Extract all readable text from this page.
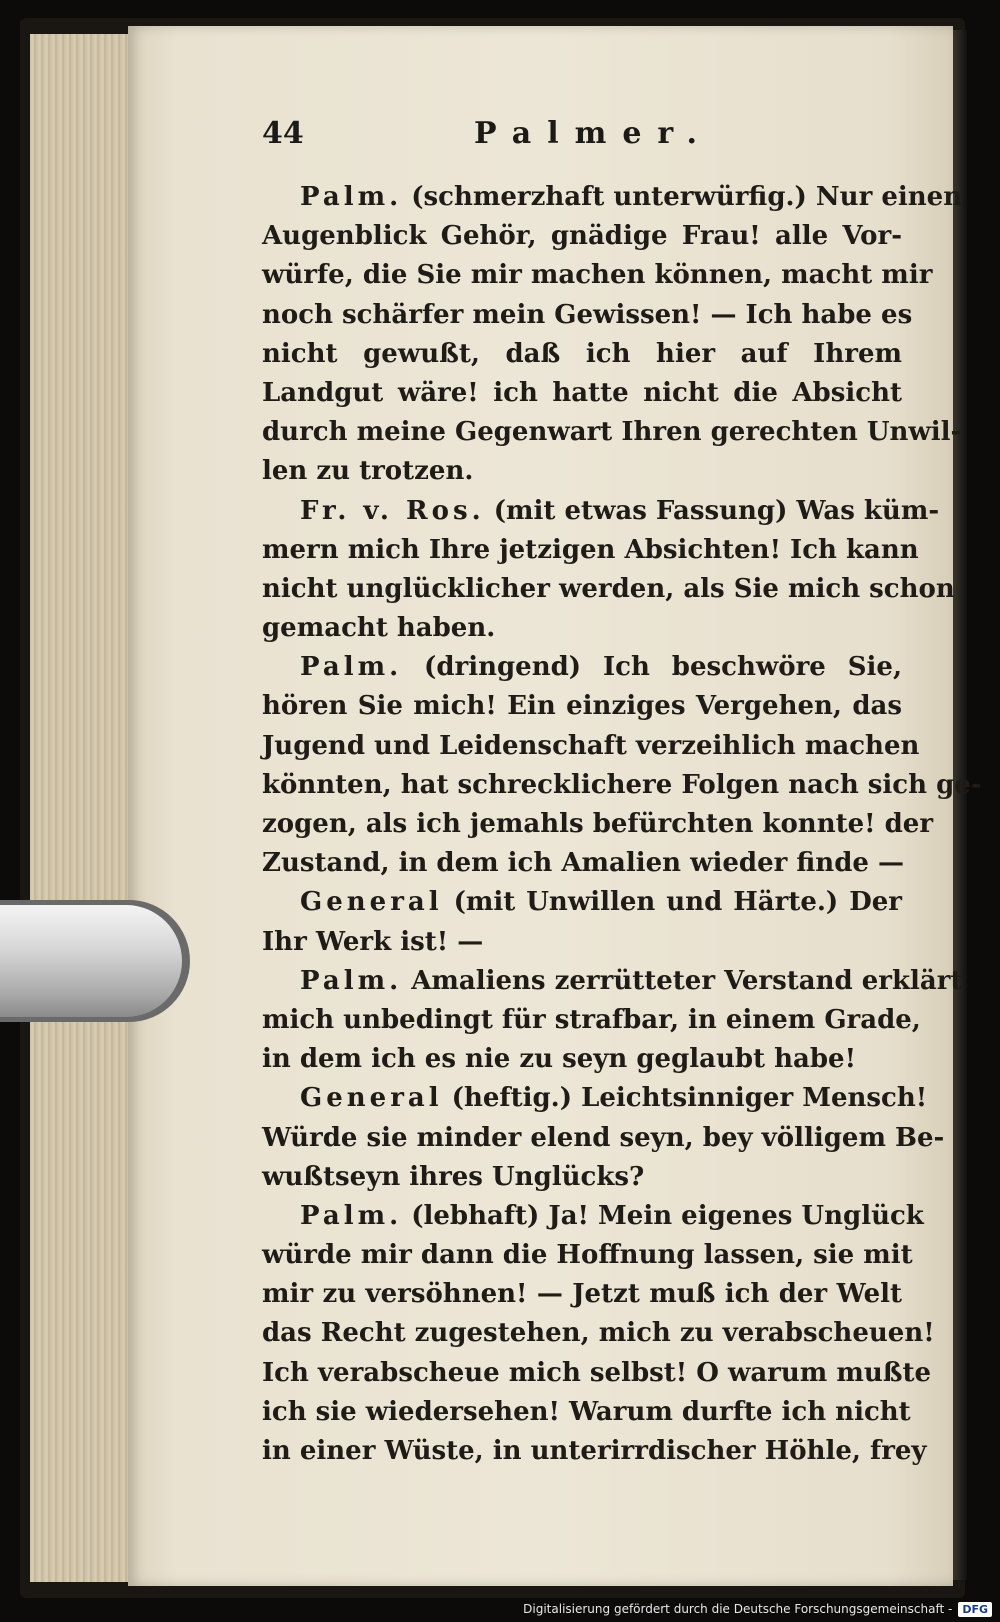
44	Palmer.
Palm. (schmerzhaft unterwürfig.) Nur einen
Augenblick Gehör, gnädige Frau! alle Vor-
würfe, die Sie mir machen können, macht mir
noch schärfer mein Gewissen! — Ich habe es
nicht gewußt, daß ich hier auf Ihrem
Landgut wäre! ich hatte nicht die Absicht
durch meine Gegenwart Ihren gerechten Unwil-
len zu trotzen.
Fr. v. Ros. (mit etwas Fassung) Was küm-
mern mich Ihre jetzigen Absichten! Ich kann
nicht unglücklicher werden, als Sie mich schon
gemacht haben.
Palm. (dringend) Ich beschwöre Sie,
hören Sie mich! Ein einziges Vergehen, das
Jugend und Leidenschaft verzeihlich machen
könnten, hat schrecklichere Folgen nach sich ge-
zogen, als ich jemahls befürchten konnte! der
Zustand, in dem ich Amalien wieder finde —
General (mit Unwillen und Härte.) Der
Ihr Werk ist! —
Palm. Amaliens zerrütteter Verstand erklärt
mich unbedingt für strafbar, in einem Grade,
in dem ich es nie zu seyn geglaubt habe!
General (heftig.) Leichtsinniger Mensch!
Würde sie minder elend seyn, bey völligem Be-
wußtseyn ihres Unglücks?
Palm. (lebhaft) Ja! Mein eigenes Unglück
würde mir dann die Hoffnung lassen, sie mit
mir zu versöhnen! — Jetzt muß ich der Welt
das Recht zugestehen, mich zu verabscheuen!
Ich verabscheue mich selbst! O warum mußte
ich sie wiedersehen! Warum durfte ich nicht
in einer Wüste, in unterirrdischer Höhle, frey
Digitalisierung gefördert durch die Deutsche Forschungsgemeinschaft - DFG
